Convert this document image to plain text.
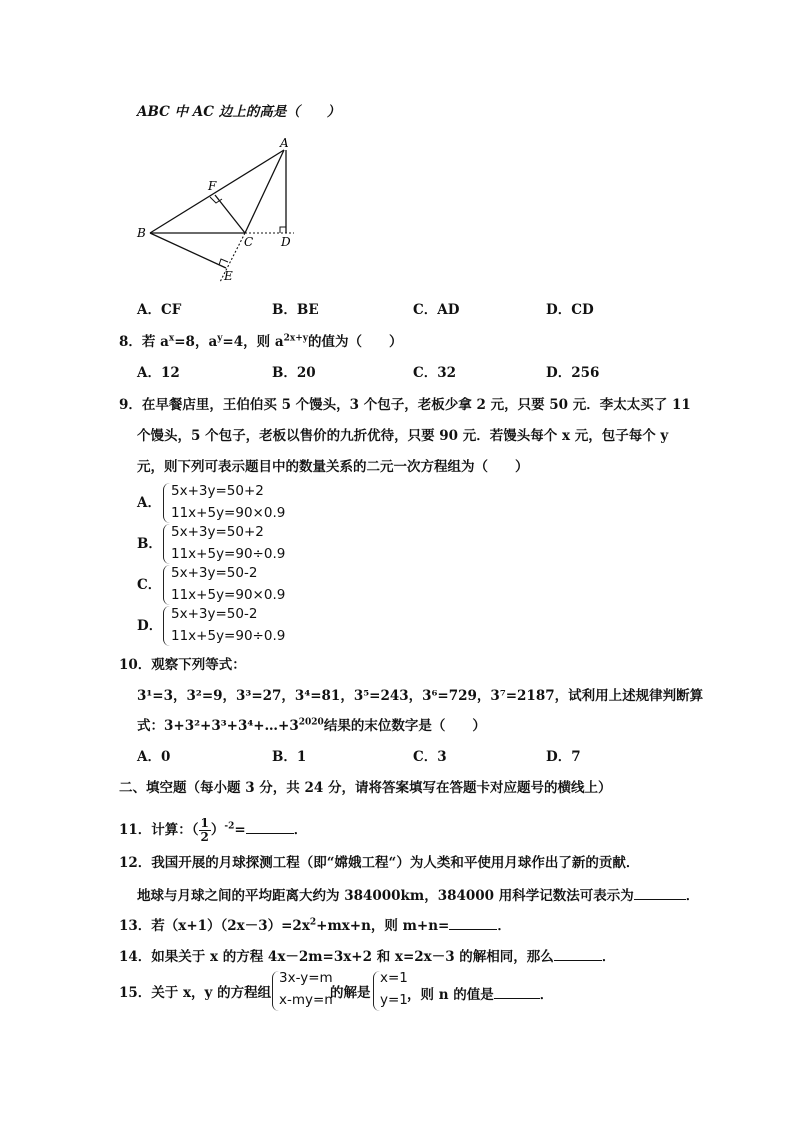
ABC 中 AC 边上的高是（　　）
A
B
C D
E
F
A．CF	B．BE	C．AD	D．CD
8．若 $a^x=8$，$a^y=4$，则 $a^{2x+y}$的值为（　　）
A．12	B．20	C．32	D．256
9．在早餐店里，王伯伯买 5 个馒头，3 个包子，老板少拿 2 元，只要 50 元．李太太买了 11
个馒头，5 个包子，老板以售价的九折优待，只要 90 元．若馒头每个 x 元，包子每个 y
元，则下列可表示题目中的数量关系的二元一次方程组为（　　）
A．
5x+3y=50+2
11x+5y=90×0.9
B．
5x+3y=50+2
11x+5y=90÷0.9
C．
5x+3y=50-2
11x+5y=90×0.9
D．
5x+3y=50-2
11x+5y=90÷0.9
10．观察下列等式：
3¹=3，3²=9，3³=27，3⁴=81，3⁵=243，3⁶=729，3⁷=2187，试利用上述规律判断算
式：$3+3^2+3^3+3^4+\dots+3^{2020}$结果的末位数字是（　　）
A．0	B．1	C．3	D．7
二、填空题（每小题 3 分，共 24 分，请将答案填写在答题卡对应题号的横线上）
11．计算：（ $\frac{1}{2} )^{-2}=$	．
12．我国开展的月球探测工程（即“嫦娥工程“）为人类和平使用月球作出了新的贡献．
地球与月球之间的平均距离大约为 384000km，384000 用科学记数法可表示为	．
13．若$(x+1)(2x-3)=2x^2+mx+n$，则 m+n=	．
14．如果关于 x 的方程 4x－2m=3x+2 和 x=2x－3 的解相同，那么	．
15．关于 x，y 的方程组
3x-y=m
x-my=n
的解是
x=1
y=1 ，则 n 的值是	．
